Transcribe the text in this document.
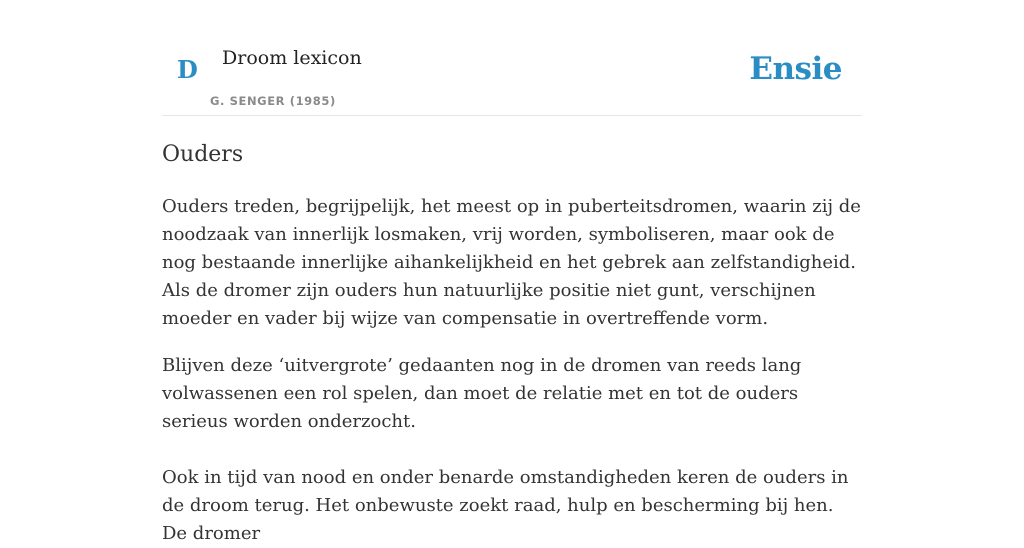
D Droom lexicon
G. SENGER (1985)
Ensie
Ouders

Ouders treden, begrijpelijk, het meest op in puberteitsdromen, waarin zij de noodzaak van innerlijk losmaken, vrij worden, symboliseren, maar ook de nog bestaande innerlijke aihankelijkheid en het gebrek aan zelfstandigheid. Als de dromer zijn ouders hun natuurlijke positie niet gunt, verschijnen moeder en vader bij wijze van compensatie in overtreffende vorm.

Blijven deze ‘uitvergrote’ gedaanten nog in de dromen van reeds lang volwassenen een rol spelen, dan moet de relatie met en tot de ouders serieus worden onderzocht.

Ook in tijd van nood en onder benarde omstandigheden keren de ouders in de droom terug. Het onbewuste zoekt raad, hulp en bescherming bij hen. De dromer
